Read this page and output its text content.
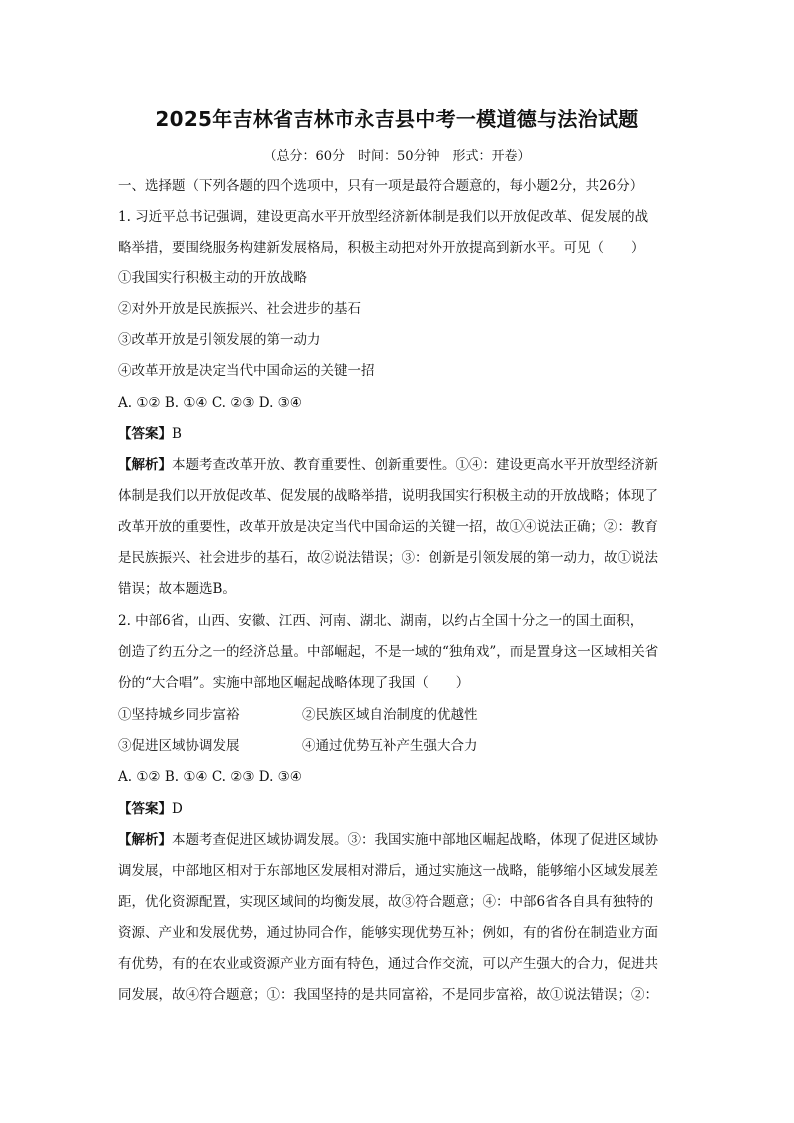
2025年吉林省吉林市永吉县中考一模道德与法治试题
（总分：60分　时间：50分钟　形式：开卷）
一、选择题（下列各题的四个选项中，只有一项是最符合题意的，每小题2分，共26分）
1. 习近平总书记强调，建设更高水平开放型经济新体制是我们以开放促改革、促发展的战
略举措，要围绕服务构建新发展格局，积极主动把对外开放提高到新水平。可见（　　）
①我国实行积极主动的开放战略
②对外开放是民族振兴、社会进步的基石
③改革开放是引领发展的第一动力
④改革开放是决定当代中国命运的关键一招
A. ①② B. ①④ C. ②③ D. ③④
【答案】B
【解析】本题考查改革开放、教育重要性、创新重要性。①④：建设更高水平开放型经济新
体制是我们以开放促改革、促发展的战略举措，说明我国实行积极主动的开放战略；体现了
改革开放的重要性，改革开放是决定当代中国命运的关键一招，故①④说法正确；②：教育
是民族振兴、社会进步的基石，故②说法错误；③：创新是引领发展的第一动力，故①说法
错误；故本题选B。
2. 中部6省，山西、安徽、江西、河南、湖北、湖南，以约占全国十分之一的国土面积，
创造了约五分之一的经济总量。中部崛起，不是一域的“独角戏”，而是置身这一区域相关省
份的“大合唱”。实施中部地区崛起战略体现了我国（　　）
①坚持城乡同步富裕	②民族区域自治制度的优越性
③促进区域协调发展	④通过优势互补产生强大合力
A. ①② B. ①④ C. ②③ D. ③④
【答案】D
【解析】本题考查促进区域协调发展。③：我国实施中部地区崛起战略，体现了促进区域协
调发展，中部地区相对于东部地区发展相对滞后，通过实施这一战略，能够缩小区域发展差
距，优化资源配置，实现区域间的均衡发展，故③符合题意；④：中部6省各自具有独特的
资源、产业和发展优势，通过协同合作，能够实现优势互补；例如，有的省份在制造业方面
有优势，有的在农业或资源产业方面有特色，通过合作交流，可以产生强大的合力，促进共
同发展，故④符合题意；①：我国坚持的是共同富裕，不是同步富裕，故①说法错误；②：
